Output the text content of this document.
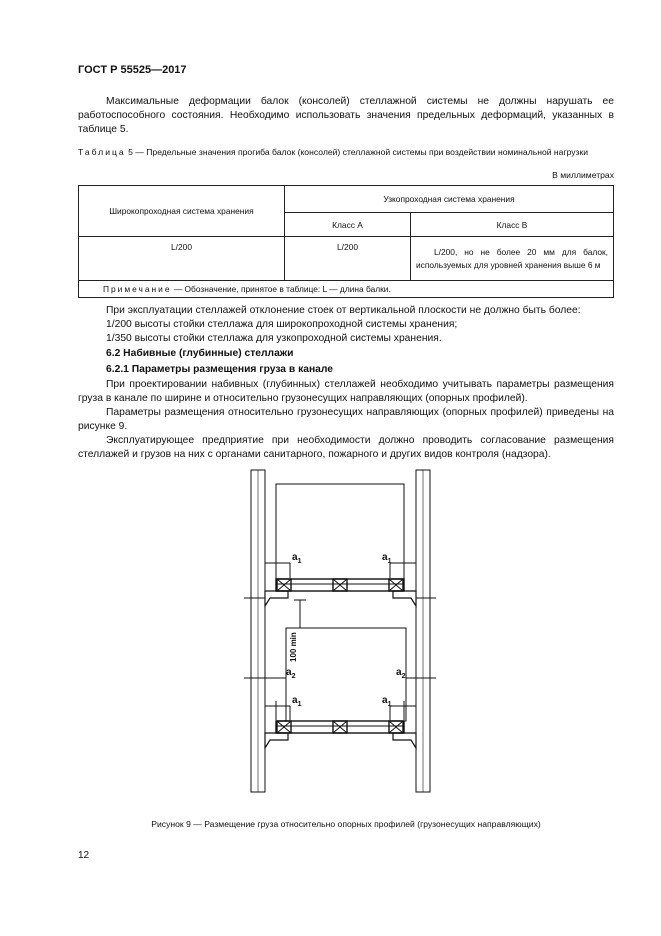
ГОСТ Р 55525—2017
Максимальные деформации балок (консолей) стеллажной системы не должны нарушать ее работоспособного состояния. Необходимо использовать значения предельных деформаций, указанных в таблице 5.
Таблица 5 — Предельные значения прогиба балок (консолей) стеллажной системы при воздействии номинальной нагрузки
В миллиметрах
Широкопроходная система хранения	Узкопроходная система хранения	
	Класс А	Класс В
L/200	L/200	L/200, но не более 20 мм для балок, используемых для уровней хранения выше 6 м
Примечание — Обозначение, принятое в таблице: L — длина балки.		
При эксплуатации стеллажей отклонение стоек от вертикальной плоскости не должно быть более:
1/200 высоты стойки стеллажа для широкопроходной системы хранения;
1/350 высоты стойки стеллажа для узкопроходной системы хранения.
6.2 Набивные (глубинные) стеллажи
6.2.1 Параметры размещения груза в канале
При проектировании набивных (глубинных) стеллажей необходимо учитывать параметры размещения груза в канале по ширине и относительно грузонесущих направляющих (опорных профилей).
Параметры размещения относительно грузонесущих направляющих (опорных профилей) приведены на рисунке 9.
Эксплуатирующее предприятие при необходимости должно проводить согласование размещения стеллажей и грузов на них с органами санитарного, пожарного и других видов контроля (надзора).
$a_1$	$a_1$
$a_2$	$a_2$
$a_1$	$a_1$
100 min
Рисунок 9 — Размещение груза относительно опорных профилей (грузонесущих направляющих)
12
